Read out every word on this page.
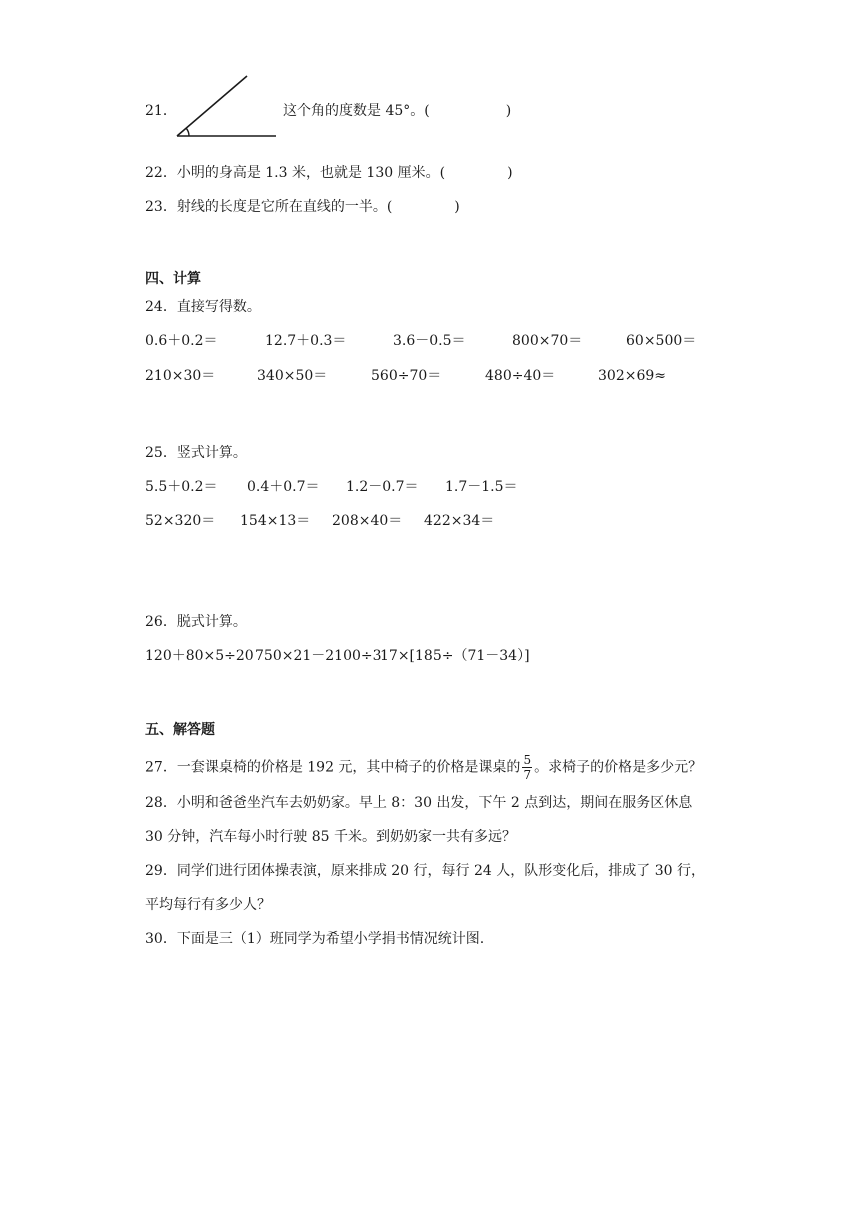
21．	这个角的度数是 45°。(	)
22．小明的身高是 1.3 米，也就是 130 厘米。(	)
23．射线的长度是它所在直线的一半。(	)
四、计算
24．直接写得数。
0.6＋0.2＝	12.7＋0.3＝	3.6－0.5＝	800×70＝	60×500＝
210×30＝	340×50＝	560÷70＝	480÷40＝	302×69≈
25．竖式计算。
5.5＋0.2＝ 0.4＋0.7＝ 1.2－0.7＝ 1.7－1.5＝
52×320＝ 154×13＝ 208×40＝ 422×34＝
26．脱式计算。
120＋80×5÷20 750×21－2100÷3
17×[185÷（71－34）]
五、解答题
27．一套课桌椅的价格是 192 元，其中椅子的价格是课桌的 $\frac{5}{7}$ 。求椅子的价格是多少元？
28．小明和爸爸坐汽车去奶奶家。早上 8：30 出发，下午 2 点到达，期间在服务区休息
30 分钟，汽车每小时行驶 85 千米。到奶奶家一共有多远？
29．同学们进行团体操表演，原来排成 20 行，每行 24 人，队形变化后，排成了 30 行，
平均每行有多少人？
30．下面是三（1）班同学为希望小学捐书情况统计图.
